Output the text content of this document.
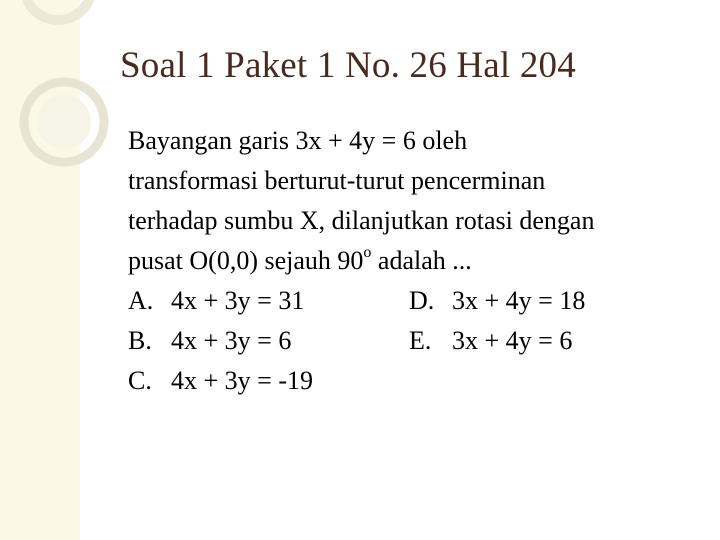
Soal 1 Paket 1 No. 26 Hal 204
Bayangan garis 3x + 4y = 6 oleh
transformasi berturut-turut pencerminan
terhadap sumbu X, dilanjutkan rotasi dengan
pusat O(0,0) sejauh 90$^o$ adalah ...
A. 4x + 3y = 31	D. 3x + 4y = 18
B. 4x + 3y = 6	E. 3x + 4y = 6
C. 4x + 3y = -19
